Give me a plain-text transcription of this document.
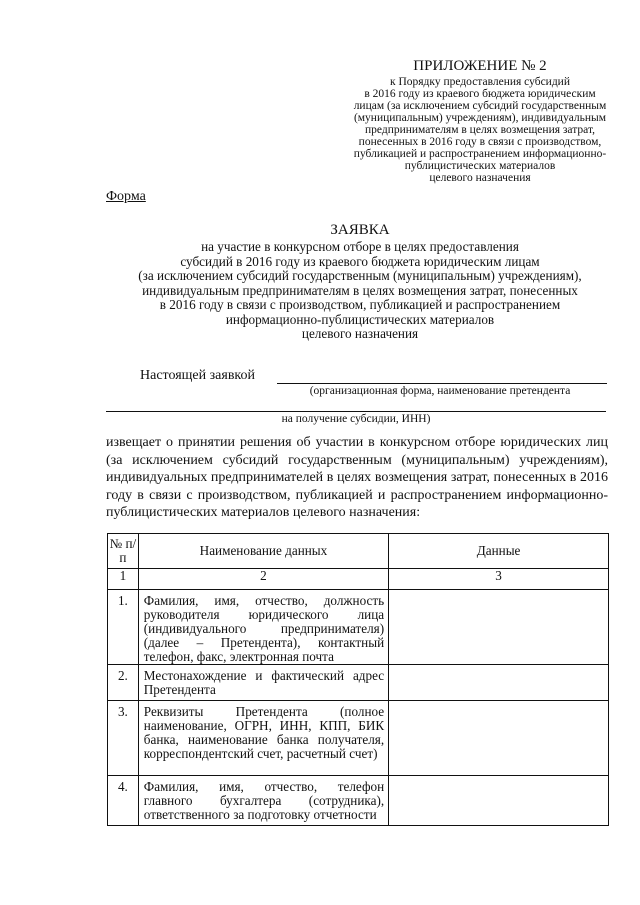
ПРИЛОЖЕНИЕ № 2
к Порядку предоставления субсидий
в 2016 году из краевого бюджета юридическим
лицам (за исключением субсидий государственным
(муниципальным) учреждениям), индивидуальным
предпринимателям в целях возмещения затрат,
понесенных в 2016 году в связи с производством,
публикацией и распространением информационно-
публицистических материалов
целевого назначения
Форма
ЗАЯВКА
на участие в конкурсном отборе в целях предоставления
субсидий в 2016 году из краевого бюджета юридическим лицам
(за исключением субсидий государственным (муниципальным) учреждениям),
индивидуальным предпринимателям в целях возмещения затрат, понесенных
в 2016 году в связи с производством, публикацией и распространением
информационно-публицистических материалов
целевого назначения
Настоящей заявкой
(организационная форма, наименование претендента
на получение субсидии, ИНН)
извещает о принятии решения об участии в конкурсном отборе юридических лиц (за исключением субсидий государственным (муниципальным) учреждениям), индивидуальных предпринимателей в целях возмещения затрат, понесенных в 2016 году в связи с производством, публикацией и распространением информационно-публицистических материалов целевого назначения:
№ п/п	Наименование данных	Данные
1	2	3
1.	Фамилия, имя, отчество, должность руководителя юридического лица (индивидуального предпринимателя) (далее – Претендента), контактный телефон, факс, электронная почта	
2.	Местонахождение и фактический адрес Претендента	
3.	Реквизиты Претендента (полное наименование, ОГРН, ИНН, КПП, БИК банка, наименование банка получателя, корреспондентский счет, расчетный счет)	
4.	Фамилия, имя, отчество, телефон главного бухгалтера (сотрудника), ответственного за подготовку отчетности	
